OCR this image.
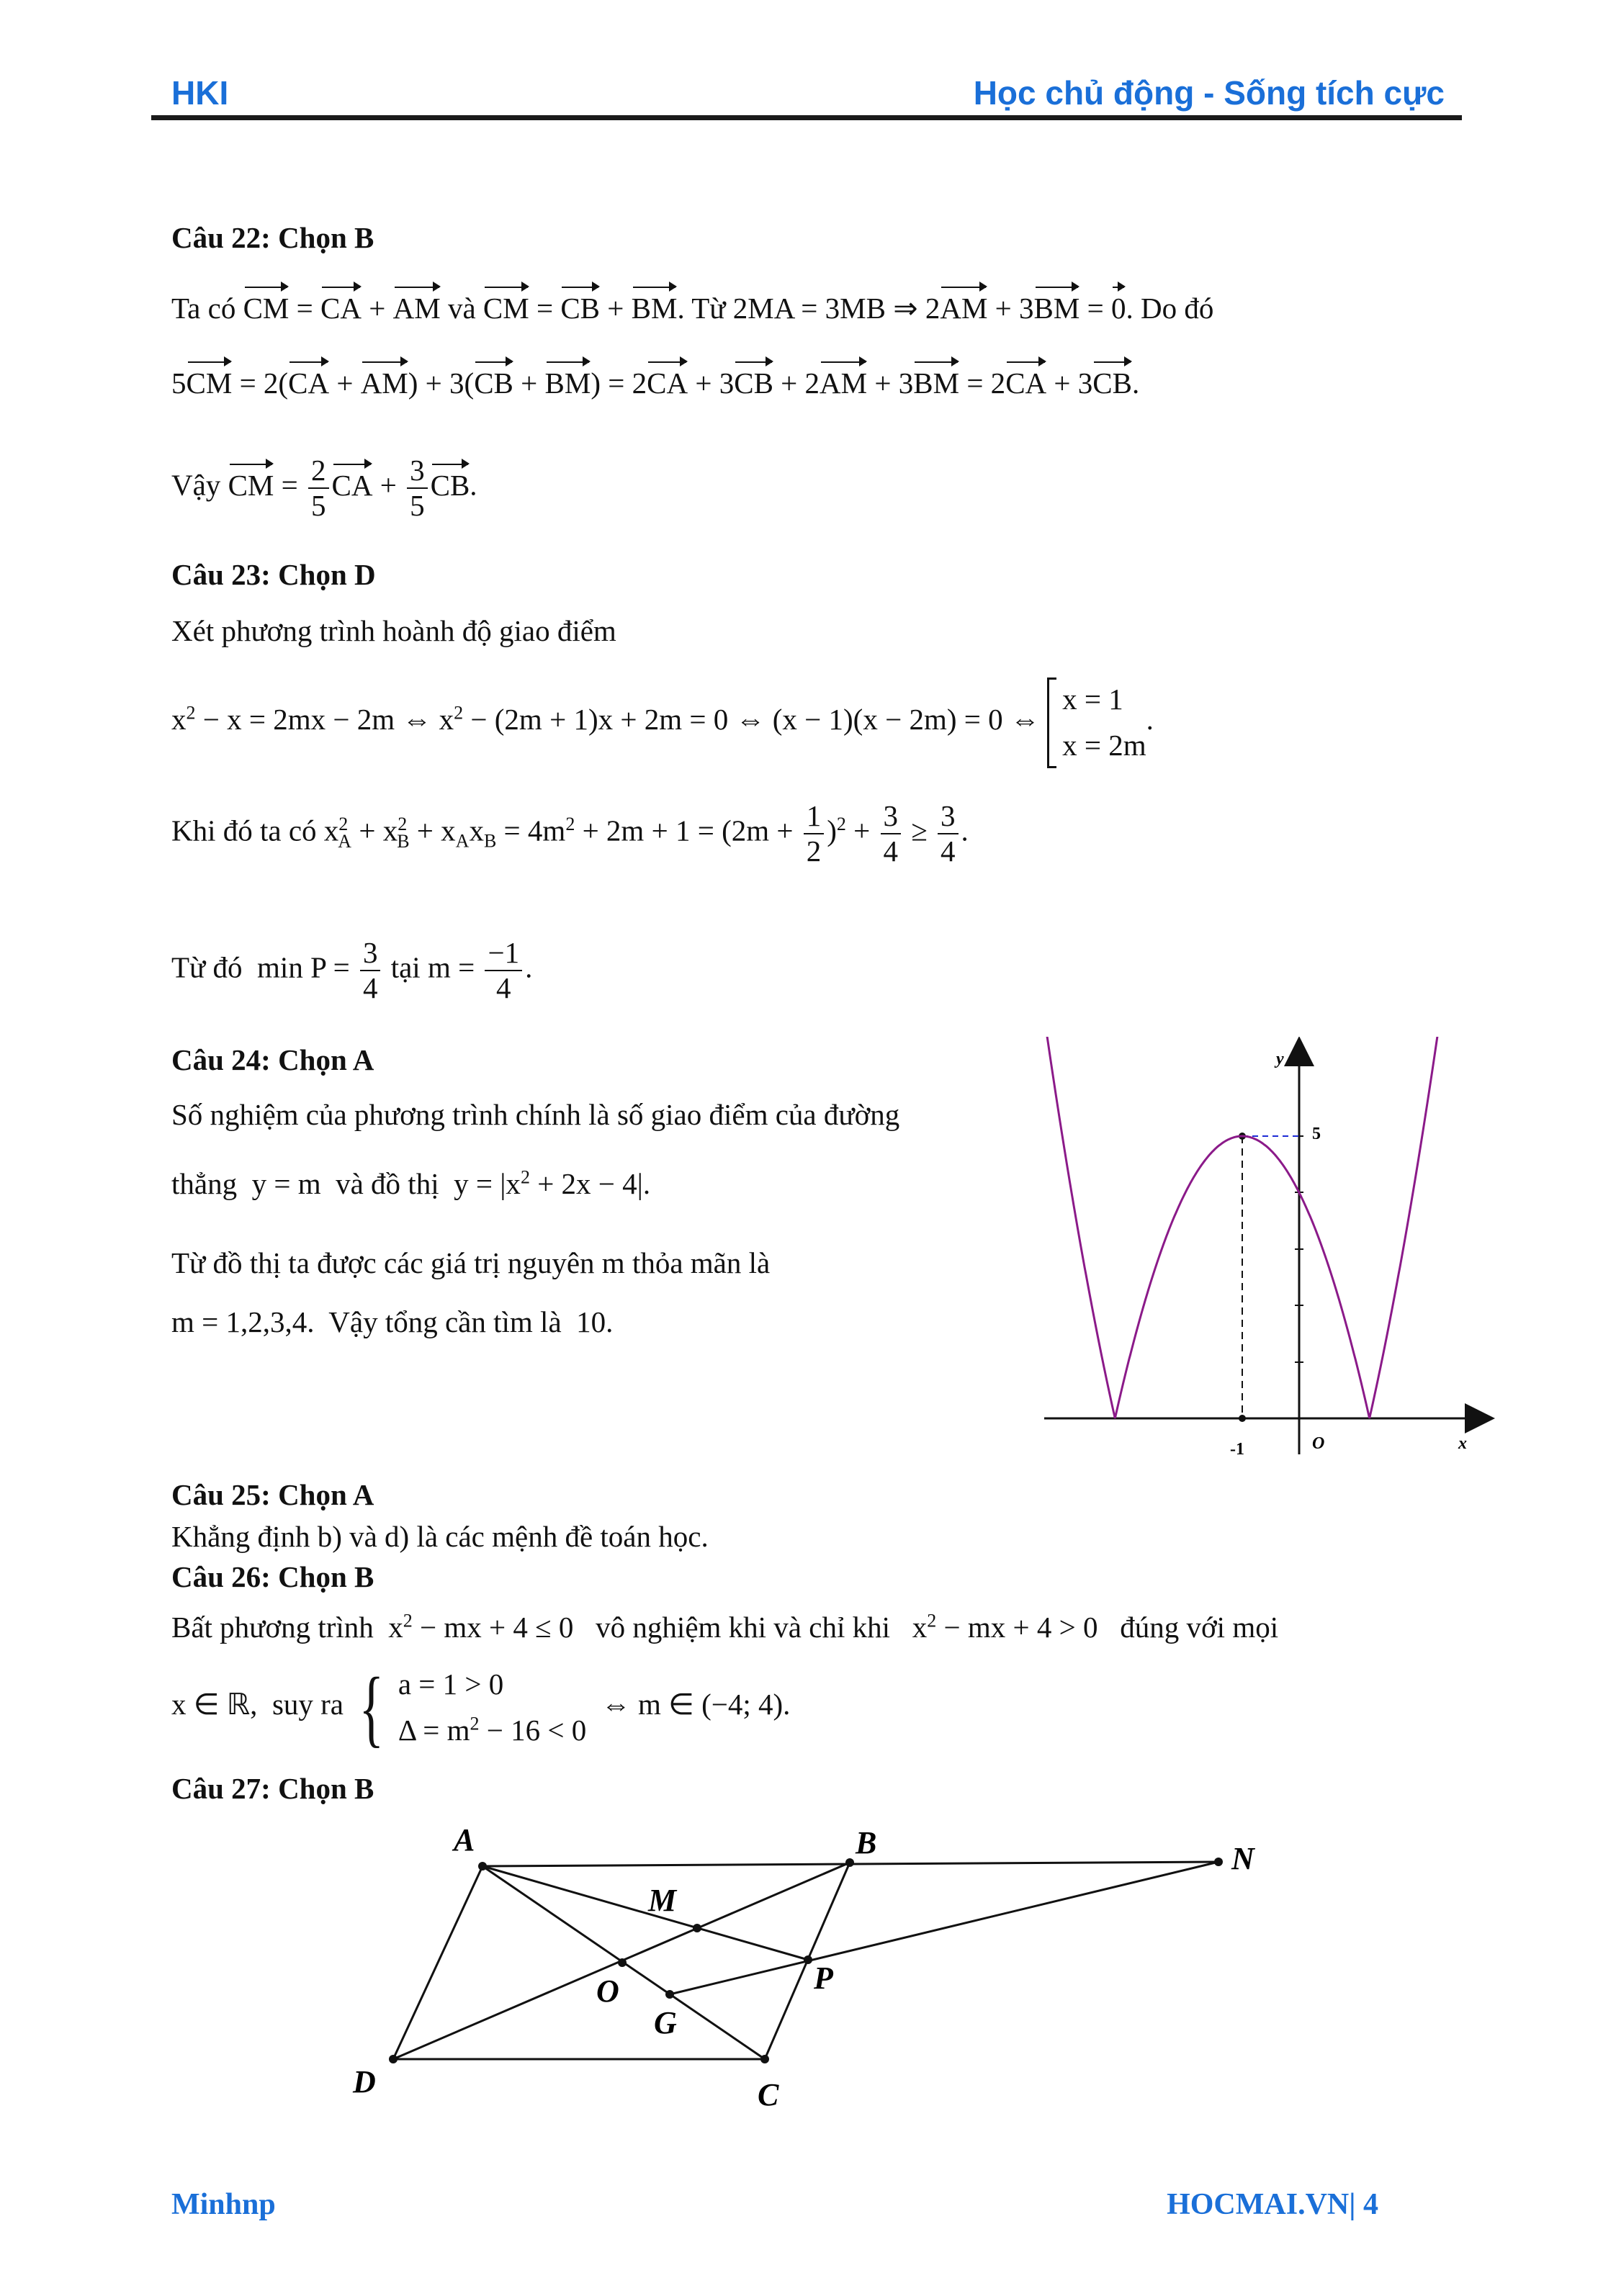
HKI	Học chủ động - Sống tích cực
Câu 22: Chọn B
Ta có CM = CA + AM và CM = CB + BM. Từ 2MA = 3MB ⇒ 2AM + 3BM = 0. Do đó
5CM = 2(CA + AM) + 3(CB + BM) = 2CA + 3CB + 2AM + 3BM = 2CA + 3CB.
Vậy CM = $\frac{2}{5}$ CA + $\frac{3}{5}$ CB.
Câu 23: Chọn D
Xét phương trình hoành độ giao điểm
$x^2 - x = 2mx - 2m$ ⇔ $x^2 - (2m + 1)x + 2m = 0$ ⇔ (x − 1)(x − 2m) = 0 ⇔
x = 1
x = 2m
.
Khi đó ta có $x^2_A + x^2_B + x_Ax_B = 4m^2 + 2m + 1 = (2m + \frac{1}{2} )^2 + \frac{3}{4} \ge \frac{3}{4}$ .
Từ đó $\min P = \frac{3}{4}$ tại $m = \frac{-1}{4}$ .
Câu 24: Chọn A
Số nghiệm của phương trình chính là số giao điểm của đường
thẳng y = m và đồ thị $y = |x^2 + 2x - 4|$.
Từ đồ thị ta được các giá trị nguyên m thỏa mãn là
m = 1,2,3,4. Vậy tổng cần tìm là 10.
y
x
5
-1	O
Câu 25: Chọn A
Khẳng định b) và d) là các mệnh đề toán học.
Câu 26: Chọn B
Bất phương trình $x^2$ − mx + 4 ≤ 0 vô nghiệm khi và chỉ khi $x^2$ − mx + 4 > 0 đúng với mọi
x ∈ ℝ, suy ra { a = 1 > 0
$\Delta = m^2 - 16 < 0$
⇔ m ∈ (−4; 4).
Câu 27: Chọn B
A	B	N
M
O	P
G
D	C
Minhnp	HOCMAI.VN| 4
